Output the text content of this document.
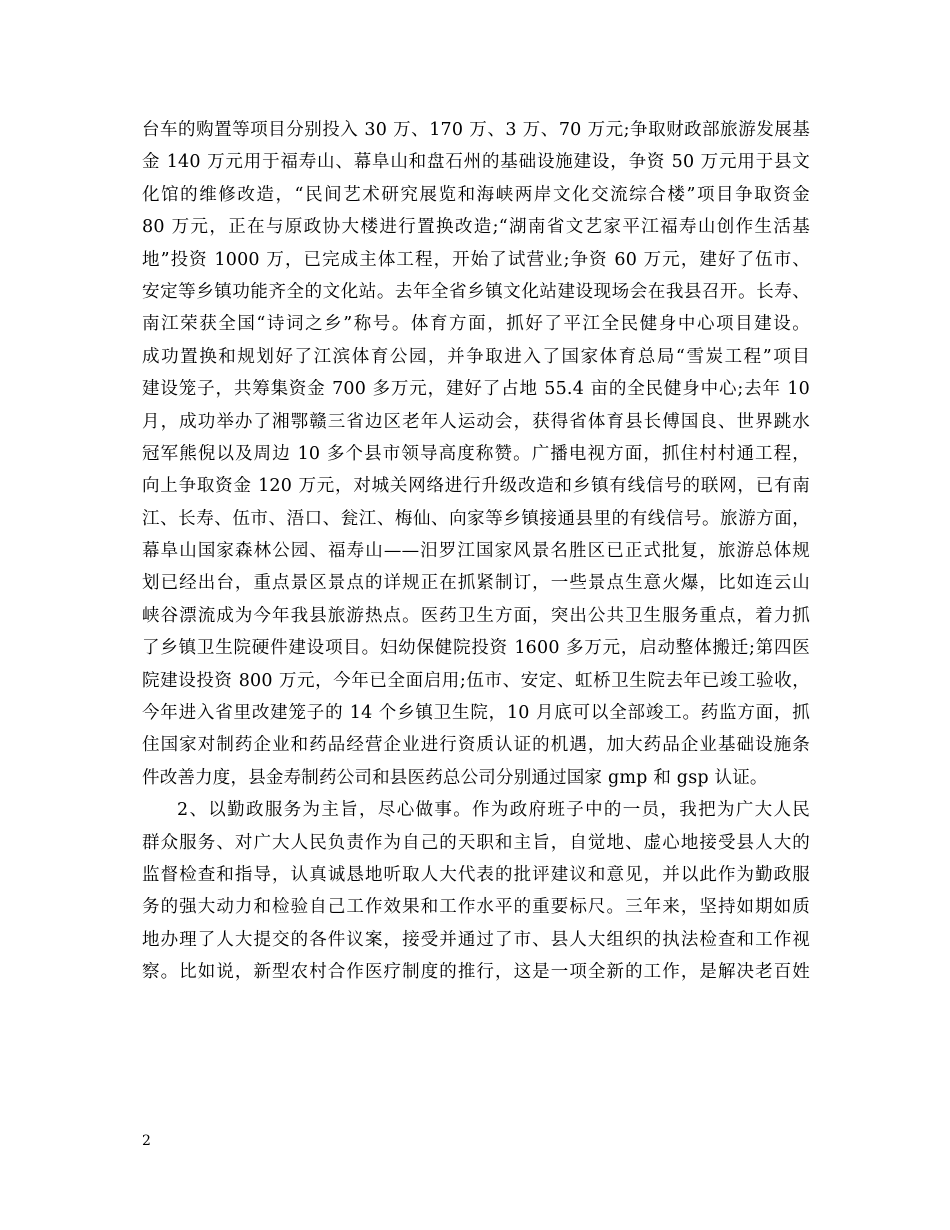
台车的购置等项目分别投入 30 万、170 万、3 万、70 万元;争取财政部旅游发展基
金 140 万元用于福寿山、幕阜山和盘石州的基础设施建设，争资 50 万元用于县文
化馆的维修改造，“民间艺术研究展览和海峡两岸文化交流综合楼”项目争取资金
80 万元，正在与原政协大楼进行置换改造;“湖南省文艺家平江福寿山创作生活基
地”投资 1000 万，已完成主体工程，开始了试营业;争资 60 万元，建好了伍市、
安定等乡镇功能齐全的文化站。去年全省乡镇文化站建设现场会在我县召开。长寿、
南江荣获全国“诗词之乡”称号。体育方面，抓好了平江全民健身中心项目建设。
成功置换和规划好了江滨体育公园，并争取进入了国家体育总局“雪炭工程”项目
建设笼子，共筹集资金 700 多万元，建好了占地 55.4 亩的全民健身中心;去年 10
月，成功举办了湘鄂赣三省边区老年人运动会，获得省体育县长傅国良、世界跳水
冠军熊倪以及周边 10 多个县市领导高度称赞。广播电视方面，抓住村村通工程，
向上争取资金 120 万元，对城关网络进行升级改造和乡镇有线信号的联网，已有南
江、长寿、伍市、浯口、瓮江、梅仙、向家等乡镇接通县里的有线信号。旅游方面，
幕阜山国家森林公园、福寿山——汨罗江国家风景名胜区已正式批复，旅游总体规
划已经出台，重点景区景点的详规正在抓紧制订，一些景点生意火爆，比如连云山
峡谷漂流成为今年我县旅游热点。医药卫生方面，突出公共卫生服务重点，着力抓
了乡镇卫生院硬件建设项目。妇幼保健院投资 1600 多万元，启动整体搬迁;第四医
院建设投资 800 万元，今年已全面启用;伍市、安定、虹桥卫生院去年已竣工验收，
今年进入省里改建笼子的 14 个乡镇卫生院，10 月底可以全部竣工。药监方面，抓
住国家对制药企业和药品经营企业进行资质认证的机遇，加大药品企业基础设施条
件改善力度，县金寿制药公司和县医药总公司分别通过国家 gmp 和 gsp 认证。
2、以勤政服务为主旨，尽心做事。作为政府班子中的一员，我把为广大人民
群众服务、对广大人民负责作为自己的天职和主旨，自觉地、虚心地接受县人大的
监督检查和指导，认真诚恳地听取人大代表的批评建议和意见，并以此作为勤政服
务的强大动力和检验自己工作效果和工作水平的重要标尺。三年来，坚持如期如质
地办理了人大提交的各件议案，接受并通过了市、县人大组织的执法检查和工作视
察。比如说，新型农村合作医疗制度的推行，这是一项全新的工作，是解决老百姓
2
